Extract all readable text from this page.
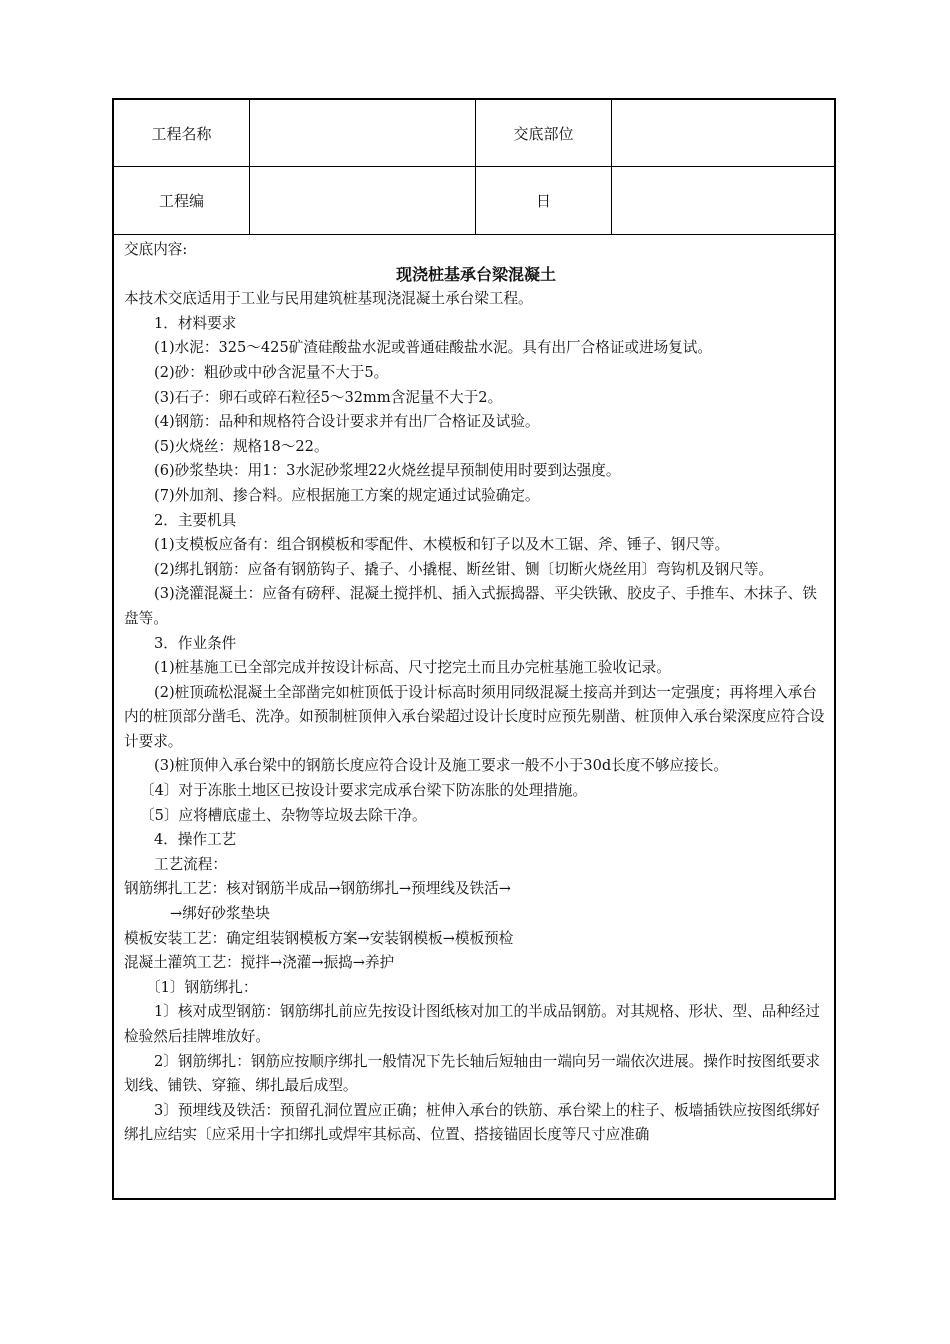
工程名称	交底部位
工程编	日

交底内容:

现浇桩基承台梁混凝土

本技术交底适用于工业与民用建筑桩基现浇混凝土承台梁工程。

1．材料要求

(1)水泥：325～425矿渣硅酸盐水泥或普通硅酸盐水泥。具有出厂合格证或进场复试。

(2)砂：粗砂或中砂含泥量不大于5。

(3)石子：卵石或碎石粒径5～32mm含泥量不大于2。

(4)钢筋：品种和规格符合设计要求并有出厂合格证及试验。

(5)火烧丝：规格18～22。

(6)砂浆垫块：用1：3水泥砂浆埋22火烧丝提早预制使用时要到达强度。

(7)外加剂、掺合料。应根据施工方案的规定通过试验确定。

2．主要机具

(1)支模板应备有：组合钢模板和零配件、木模板和钉子以及木工锯、斧、锤子、钢尺等。

(2)绑扎钢筋：应备有钢筋钩子、撬子、小撬棍、断丝钳、铡〔切断火烧丝用〕弯钩机及钢尺等。

(3)浇灌混凝土：应备有磅秤、混凝土搅拌机、插入式振捣器、平尖铁锹、胶皮子、手推车、木抹子、铁盘等。

3．作业条件

(1)桩基施工已全部完成并按设计标高、尺寸挖完土而且办完桩基施工验收记录。

(2)桩顶疏松混凝土全部凿完如桩顶低于设计标高时须用同级混凝土接高并到达一定强度；再将埋入承台内的桩顶部分凿毛、洗净。如预制桩顶伸入承台梁超过设计长度时应预先剔凿、桩顶伸入承台梁深度应符合设计要求。

(3)桩顶伸入承台梁中的钢筋长度应符合设计及施工要求一般不小于30d长度不够应接长。

〔4〕对于冻胀土地区已按设计要求完成承台梁下防冻胀的处理措施。

〔5〕应将槽底虚土、杂物等垃圾去除干净。

4．操作工艺

工艺流程：

钢筋绑扎工艺：核对钢筋半成品→钢筋绑扎→预埋线及铁活→

→绑好砂浆垫块

模板安装工艺：确定组装钢模板方案→安装钢模板→模板预检

混凝土灌筑工艺：搅拌→浇灌→振捣→养护

〔1〕钢筋绑扎：

1〕核对成型钢筋：钢筋绑扎前应先按设计图纸核对加工的半成品钢筋。对其规格、形状、型、品种经过检验然后挂牌堆放好。

2〕钢筋绑扎：钢筋应按顺序绑扎一般情况下先长轴后短轴由一端向另一端依次进展。操作时按图纸要求划线、铺铁、穿箍、绑扎最后成型。

3〕预埋线及铁活：预留孔洞位置应正确；桩伸入承台的铁筋、承台梁上的柱子、板墙插铁应按图纸绑好绑扎应结实〔应采用十字扣绑扎或焊牢其标高、位置、搭接锚固长度等尺寸应准确
